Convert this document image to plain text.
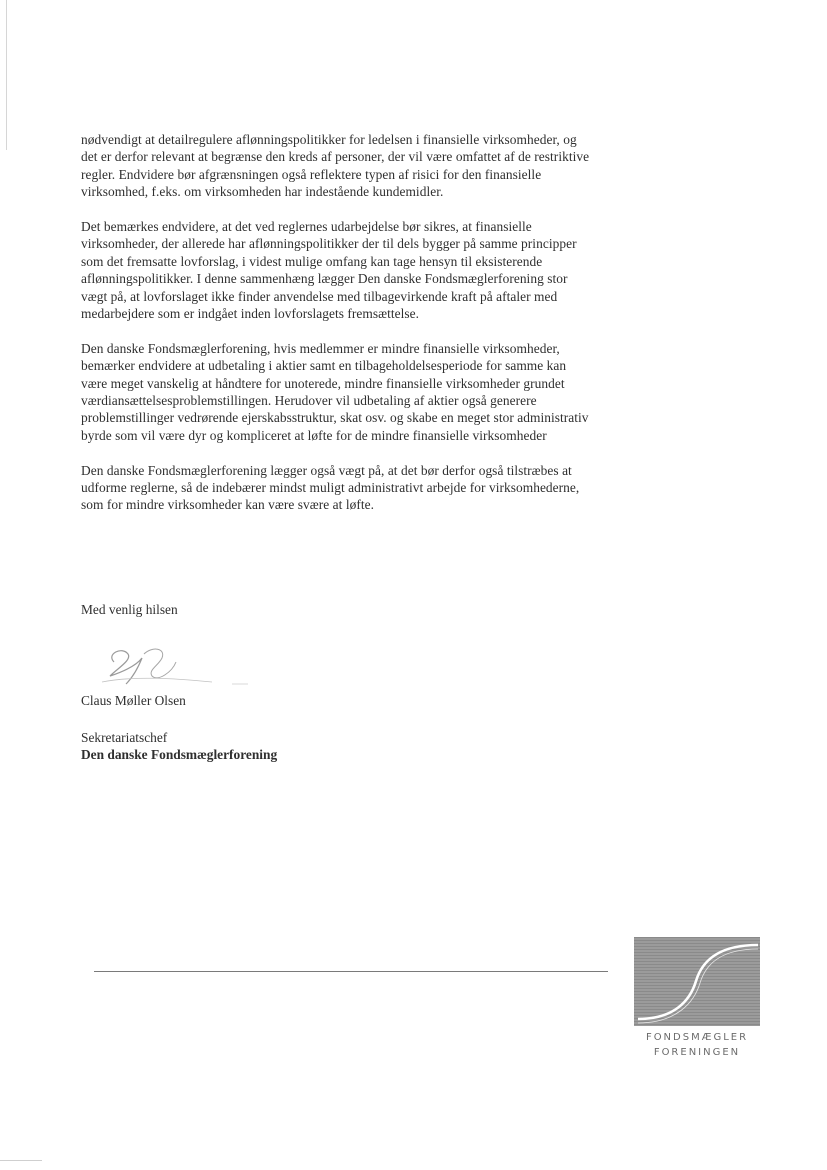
nødvendigt at detailregulere aflønningspolitikker for ledelsen i finansielle virksomheder, og
det er derfor relevant at begrænse den kreds af personer, der vil være omfattet af de restriktive
regler. Endvidere bør afgrænsningen også reflektere typen af risici for den finansielle
virksomhed, f.eks. om virksomheden har indestående kundemidler.

Det bemærkes endvidere, at det ved reglernes udarbejdelse bør sikres, at finansielle
virksomheder, der allerede har aflønningspolitikker der til dels bygger på samme principper
som det fremsatte lovforslag, i videst mulige omfang kan tage hensyn til eksisterende
aflønningspolitikker. I denne sammenhæng lægger Den danske Fondsmæglerforening stor
vægt på, at lovforslaget ikke finder anvendelse med tilbagevirkende kraft på aftaler med
medarbejdere som er indgået inden lovforslagets fremsættelse.

Den danske Fondsmæglerforening, hvis medlemmer er mindre finansielle virksomheder,
bemærker endvidere at udbetaling i aktier samt en tilbageholdelsesperiode for samme kan
være meget vanskelig at håndtere for unoterede, mindre finansielle virksomheder grundet
værdiansættelsesproblemstillingen. Herudover vil udbetaling af aktier også generere
problemstillinger vedrørende ejerskabsstruktur, skat osv. og skabe en meget stor administrativ
byrde som vil være dyr og kompliceret at løfte for de mindre finansielle virksomheder

Den danske Fondsmæglerforening lægger også vægt på, at det bør derfor også tilstræbes at
udforme reglerne, så de indebærer mindst muligt administrativt arbejde for virksomhederne,
som for mindre virksomheder kan være svære at løfte.

Med venlig hilsen
Claus Møller Olsen
Sekretariatschef
Den danske Fondsmæglerforening
FONDSMÆGLER
FORENINGEN
